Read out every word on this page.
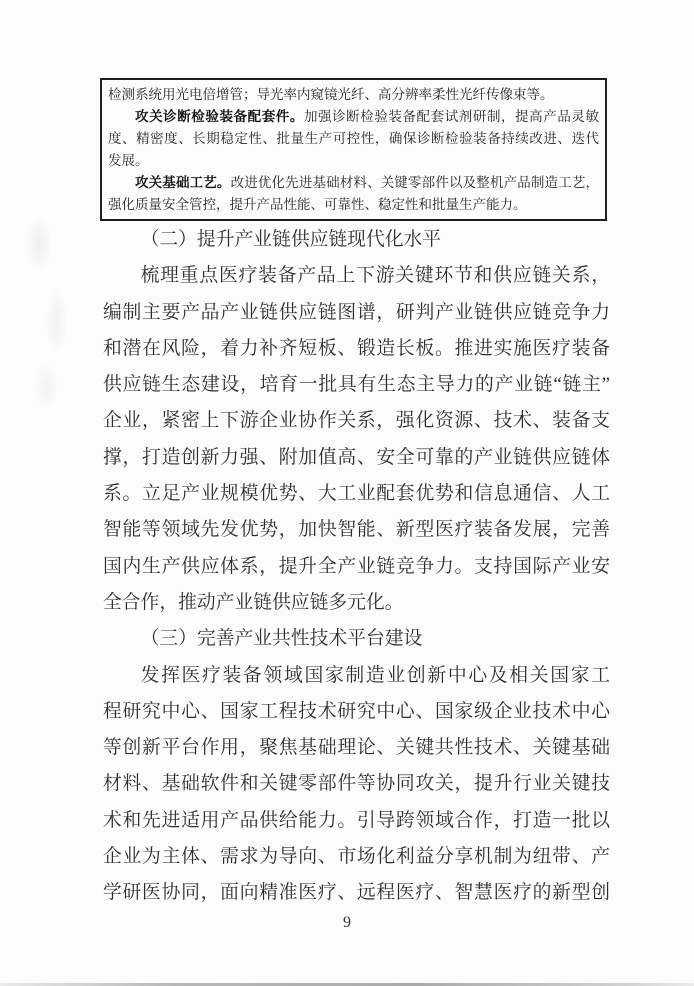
检测系统用光电倍增管；导光率内窥镜光纤、高分辨率柔性光纤传像束等。
攻关诊断检验装备配套件。加强诊断检验装备配套试剂研制，提高产品灵敏
度、精密度、长期稳定性、批量生产可控性，确保诊断检验装备持续改进、迭代
发展。
攻关基础工艺。改进优化先进基础材料、关键零部件以及整机产品制造工艺，
强化质量安全管控，提升产品性能、可靠性、稳定性和批量生产能力。
（二）提升产业链供应链现代化水平
梳理重点医疗装备产品上下游关键环节和供应链关系，
编制主要产品产业链供应链图谱，研判产业链供应链竞争力
和潜在风险，着力补齐短板、锻造长板。推进实施医疗装备
供应链生态建设，培育一批具有生态主导力的产业链“链主”
企业，紧密上下游企业协作关系，强化资源、技术、装备支
撑，打造创新力强、附加值高、安全可靠的产业链供应链体
系。立足产业规模优势、大工业配套优势和信息通信、人工
智能等领域先发优势，加快智能、新型医疗装备发展，完善
国内生产供应体系，提升全产业链竞争力。支持国际产业安
全合作，推动产业链供应链多元化。
（三）完善产业共性技术平台建设
发挥医疗装备领域国家制造业创新中心及相关国家工
程研究中心、国家工程技术研究中心、国家级企业技术中心
等创新平台作用，聚焦基础理论、关键共性技术、关键基础
材料、基础软件和关键零部件等协同攻关，提升行业关键技
术和先进适用产品供给能力。引导跨领域合作，打造一批以
企业为主体、需求为导向、市场化利益分享机制为纽带、产
学研医协同，面向精准医疗、远程医疗、智慧医疗的新型创
9
